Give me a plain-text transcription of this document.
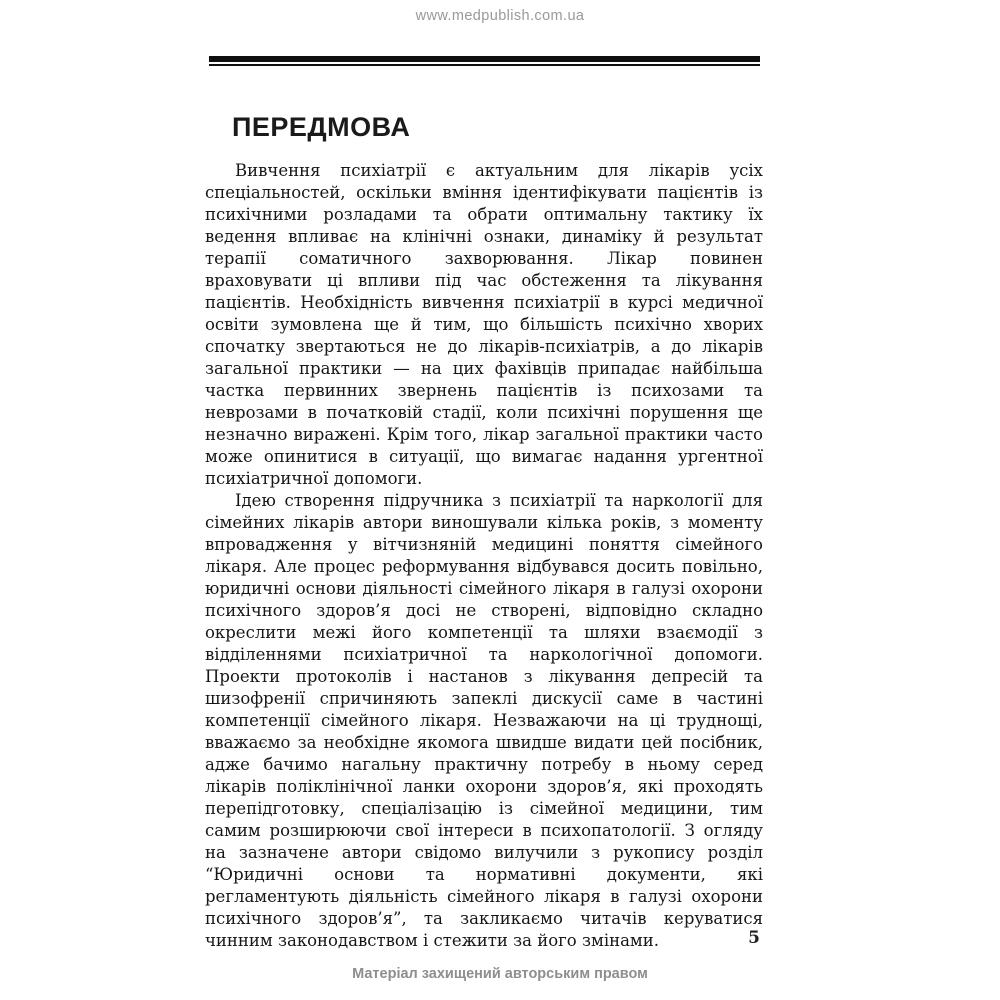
www.medpublish.com.ua
ПЕРЕДМОВА

Вивчення психіатрії є актуальним для лікарів усіх спеціальностей, оскільки вміння ідентифікувати пацієнтів із психічними розладами та обрати оптимальну тактику їх ведення впливає на клінічні ознаки, динаміку й результат терапії соматичного захворювання. Лікар повинен враховувати ці впливи під час обстеження та лікування пацієнтів. Необхідність вивчення психіатрії в курсі медичної освіти зумовлена ще й тим, що більшість психічно хворих спочатку звертаються не до лікарів-психіатрів, а до лікарів загальної практики — на цих фахівців припадає найбільша частка первинних звернень пацієнтів із психозами та неврозами в початковій стадії, коли психічні порушення ще незначно виражені. Крім того, лікар загальної практики часто може опинитися в ситуації, що вимагає надання ургентної психіатричної допомоги.

Ідею створення підручника з психіатрії та наркології для сімейних лікарів автори виношували кілька років, з моменту впровадження у вітчизняній медицині поняття сімейного лікаря. Але процес реформування відбувався досить повільно, юридичні основи діяльності сімейного лікаря в галузі охорони психічного здоров’я досі не створені, відповідно складно окреслити межі його компетенції та шляхи взаємодії з відділеннями психіатричної та наркологічної допомоги. Проекти протоколів і настанов з лікування депресій та шизофренії спричиняють запеклі дискусії саме в частині компетенції сімейного лікаря. Незважаючи на ці труднощі, вважаємо за необхідне якомога швидше видати цей посібник, адже бачимо нагальну практичну потребу в ньому серед лікарів поліклінічної ланки охорони здоров’я, які проходять перепідготовку, спеціалізацію із сімейної медицини, тим самим розширюючи свої інтереси в психопатології. З огляду на зазначене автори свідомо вилучили з рукопису розділ “Юридичні основи та нормативні документи, які регламентують діяльність сімейного лікаря в галузі охорони психічного здоров’я”, та закликаємо читачів керуватися чинним законодавством і стежити за його змінами.	5
Матеріал захищений авторським правом
